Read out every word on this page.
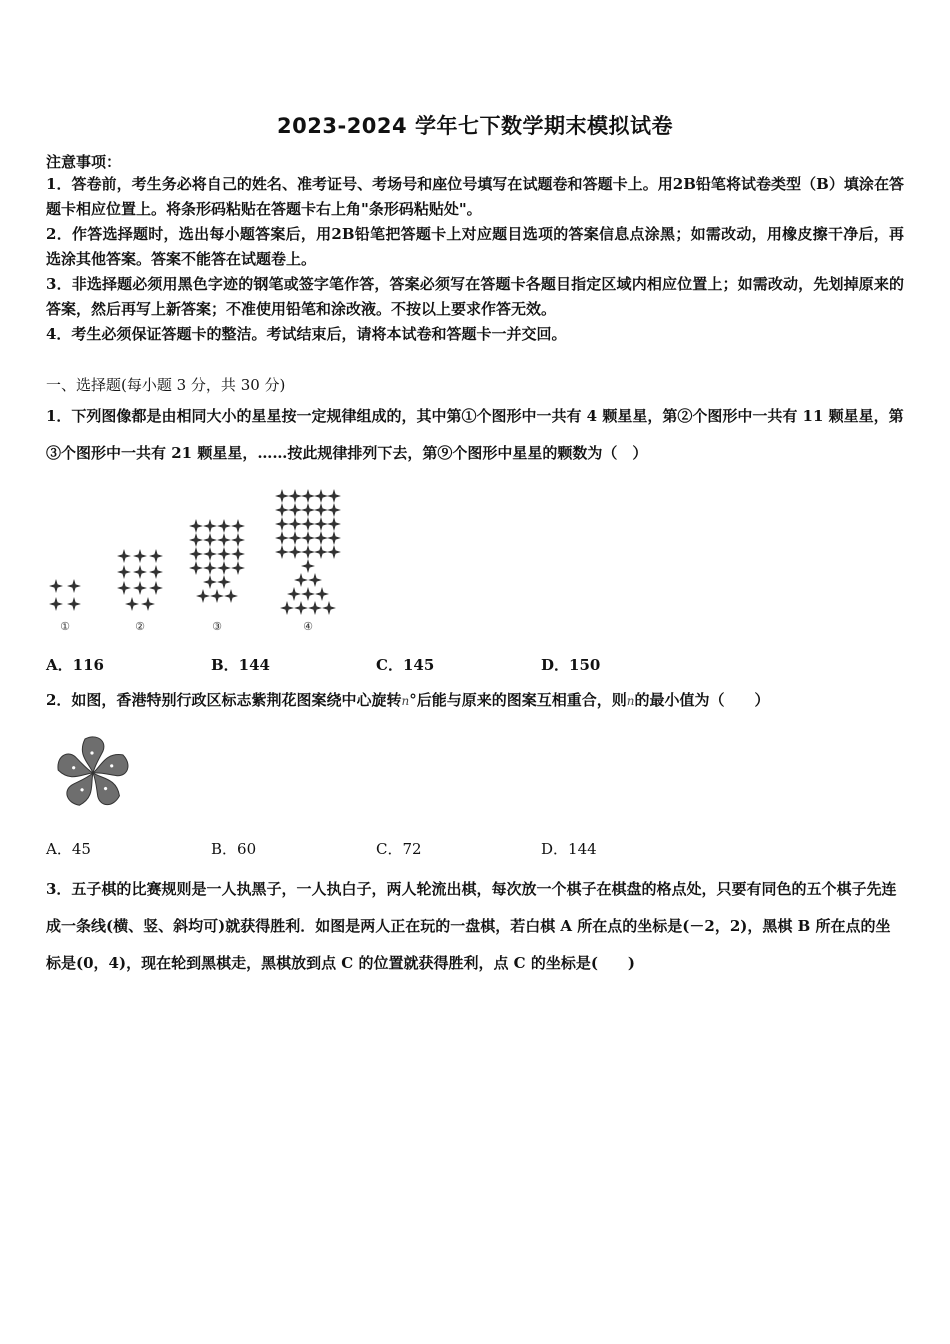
2023-2024 学年七下数学期末模拟试卷
注意事项：
1．答卷前，考生务必将自己的姓名、准考证号、考场号和座位号填写在试题卷和答题卡上。用2B铅笔将试卷类型（B）填涂在答题卡相应位置上。将条形码粘贴在答题卡右上角"条形码粘贴处"。
2．作答选择题时，选出每小题答案后，用2B铅笔把答题卡上对应题目选项的答案信息点涂黑；如需改动，用橡皮擦干净后，再选涂其他答案。答案不能答在试题卷上。
3．非选择题必须用黑色字迹的钢笔或签字笔作答，答案必须写在答题卡各题目指定区域内相应位置上；如需改动，先划掉原来的答案，然后再写上新答案；不准使用铅笔和涂改液。不按以上要求作答无效。
4．考生必须保证答题卡的整洁。考试结束后，请将本试卷和答题卡一并交回。
一、选择题(每小题 3 分，共 30 分)
1．下列图像都是由相同大小的星星按一定规律组成的，其中第①个图形中一共有 4 颗星星，第②个图形中一共有 11 颗星星，第③个图形中一共有 21 颗星星，……按此规律排列下去，第⑨个图形中星星的颗数为（　）
①	②	③	④
A．116	B．144	C．145	D．150
2．如图，香港特别行政区标志紫荆花图案绕中心旋转n°后能与原来的图案互相重合，则n的最小值为（　　）
A．45	B．60	C．72	D．144
3．五子棋的比赛规则是一人执黑子，一人执白子，两人轮流出棋，每次放一个棋子在棋盘的格点处，只要有同色的五个棋子先连成一条线(横、竖、斜均可)就获得胜利．如图是两人正在玩的一盘棋，若白棋 A 所在点的坐标是(－2，2)，黑棋 B 所在点的坐标是(0，4)，现在轮到黑棋走，黑棋放到点 C 的位置就获得胜利，点 C 的坐标是(　　)
